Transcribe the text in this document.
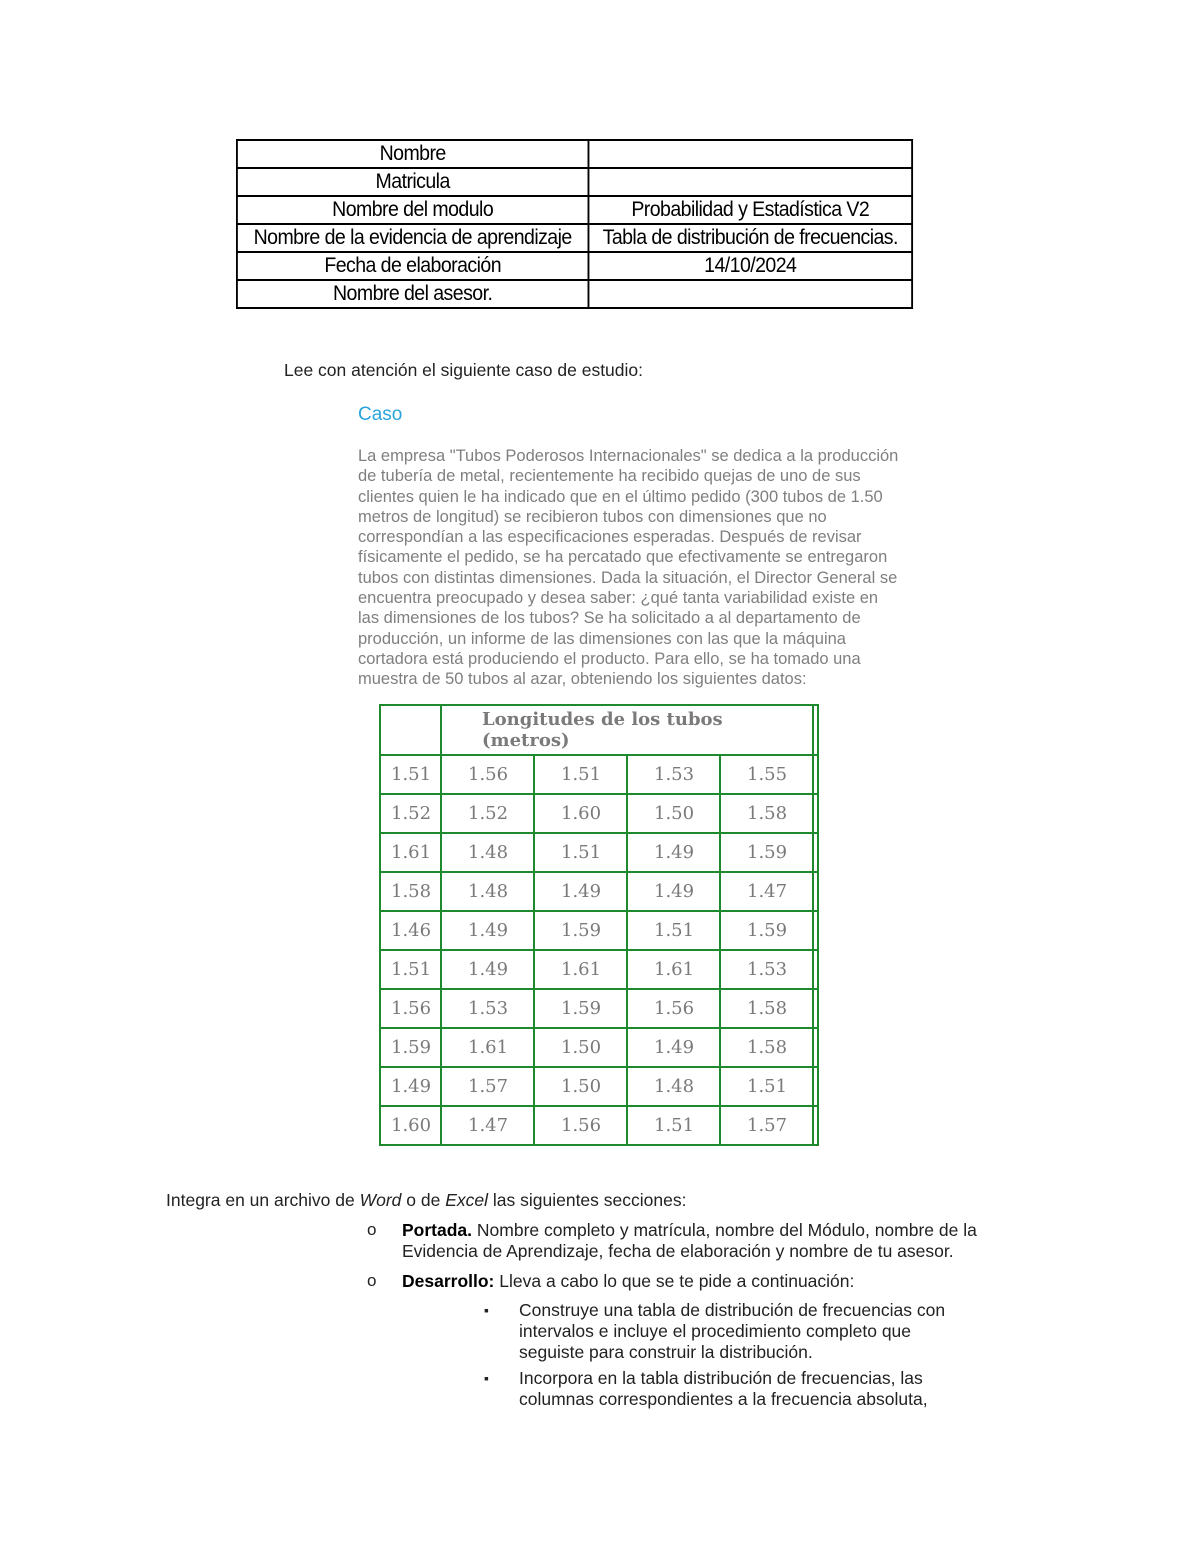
Nombre	
Matricula	
Nombre del modulo	Probabilidad y Estadística V2
Nombre de la evidencia de aprendizaje	Tabla de distribución de frecuencias.
Fecha de elaboración	14/10/2024
Nombre del asesor.	
Lee con atención el siguiente caso de estudio:
Caso
La empresa "Tubos Poderosos Internacionales" se dedica a la producción
de tubería de metal, recientemente ha recibido quejas de uno de sus
clientes quien le ha indicado que en el último pedido (300 tubos de 1.50
metros de longitud) se recibieron tubos con dimensiones que no
correspondían a las especificaciones esperadas. Después de revisar
físicamente el pedido, se ha percatado que efectivamente se entregaron
tubos con distintas dimensiones. Dada la situación, el Director General se
encuentra preocupado y desea saber: ¿qué tanta variabilidad existe en
las dimensiones de los tubos? Se ha solicitado a al departamento de
producción, un informe de las dimensiones con las que la máquina
cortadora está produciendo el producto. Para ello, se ha tomado una
muestra de 50 tubos al azar, obteniendo los siguientes datos:
	Longitudes de los tubos (metros)				
1.51	1.56	1.51	1.53	1.55	
1.52	1.52	1.60	1.50	1.58	
1.61	1.48	1.51	1.49	1.59	
1.58	1.48	1.49	1.49	1.47	
1.46	1.49	1.59	1.51	1.59	
1.51	1.49	1.61	1.61	1.53	
1.56	1.53	1.59	1.56	1.58	
1.59	1.61	1.50	1.49	1.58	
1.49	1.57	1.50	1.48	1.51	
1.60	1.47	1.56	1.51	1.57	
Integra en un archivo de Word o de Excel las siguientes secciones:
o Portada. Nombre completo y matrícula, nombre del Módulo, nombre de la
Evidencia de Aprendizaje, fecha de elaboración y nombre de tu asesor.
o Desarrollo: Lleva a cabo lo que se te pide a continuación:
▪ Construye una tabla de distribución de frecuencias con
intervalos e incluye el procedimiento completo que
seguiste para construir la distribución.
▪ Incorpora en la tabla distribución de frecuencias, las
columnas correspondientes a la frecuencia absoluta,
